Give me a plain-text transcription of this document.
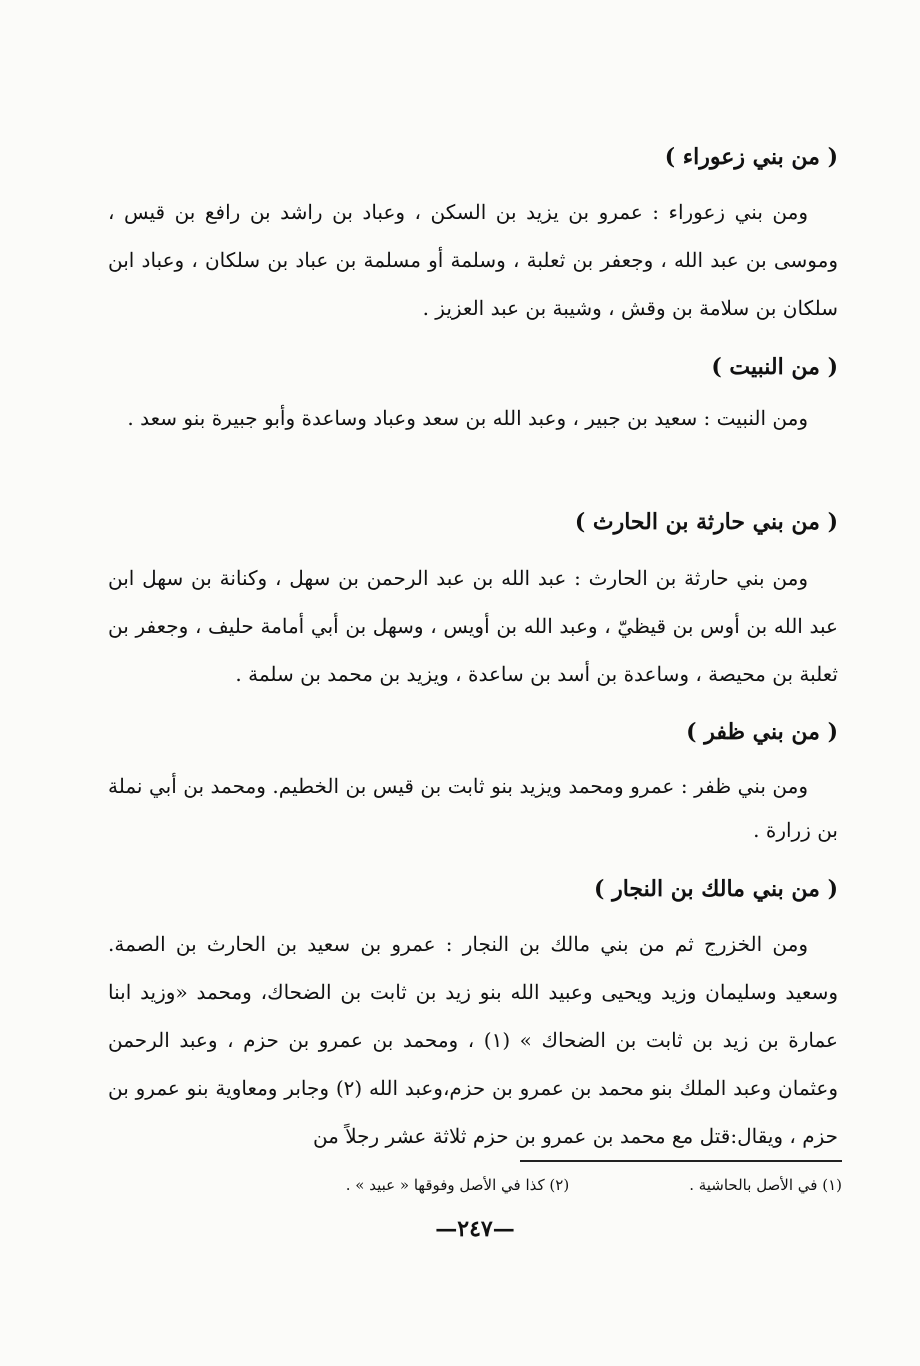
( من بني زعوراء )

ومن بني زعوراء : عمرو بن يزيد بن السكن ، وعباد بن راشد بن رافع بن قيس ، وموسى بن عبد الله ، وجعفر بن ثعلبة ، وسلمة أو مسلمة بن عباد بن سلكان ، وعباد ابن سلكان بن سلامة بن وقش ، وشيبة بن عبد العزيز .

( من النبيت )

ومن النبيت : سعيد بن جبير ، وعبد الله بن سعد وعباد وساعدة وأبو جبيرة بنو سعد .

( من بني حارثة بن الحارث )

ومن بني حارثة بن الحارث : عبد الله بن عبد الرحمن بن سهل ، وكنانة بن سهل ابن عبد الله بن أوس بن قيظيّ ، وعبد الله بن أويس ، وسهل بن أبي أمامة حليف ، وجعفر بن ثعلبة بن محيصة ، وساعدة بن أسد بن ساعدة ، ويزيد بن محمد بن سلمة .

( من بني ظفر )

ومن بني ظفر : عمرو ومحمد ويزيد بنو ثابت بن قيس بن الخطيم. ومحمد بن أبي نملة بن زرارة .

( من بني مالك بن النجار )

ومن الخزرج ثم من بني مالك بن النجار : عمرو بن سعيد بن الحارث بن الصمة. وسعيد وسليمان وزيد ويحيى وعبيد الله بنو زيد بن ثابت بن الضحاك، ومحمد «وزيد ابنا عمارة بن زيد بن ثابت بن الضحاك » (١) ، ومحمد بن عمرو بن حزم ، وعبد الرحمن وعثمان وعبد الملك بنو محمد بن عمرو بن حزم،وعبد الله (٢) وجابر ومعاوية بنو عمرو بن حزم ، ويقال:قتل مع محمد بن عمرو بن حزم ثلاثة عشر رجلاً من

(١) في الأصل بالحاشية .
(٢) كذا في الأصل وفوقها « عبيد » .
—٢٤٧—
